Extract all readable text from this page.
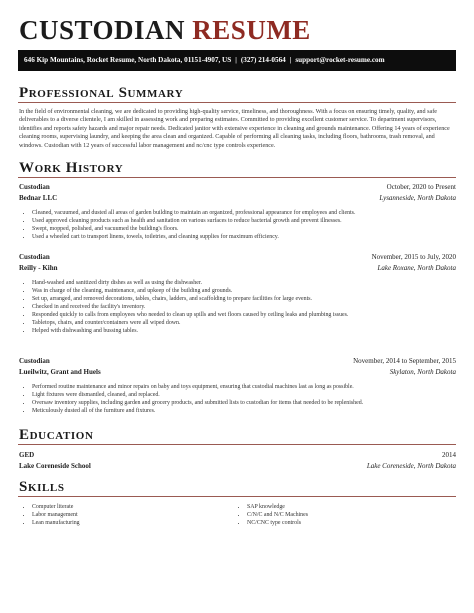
CUSTODIAN RESUME
646 Kip Mountains, Rocket Resume, North Dakota, 01151-4907, US | (327) 214-0564 | support@rocket-resume.com
Professional Summary
In the field of environmental cleaning, we are dedicated to providing high-quality service, timeliness, and thoroughness. With a focus on ensuring timely, quality, and safe deliverables to a diverse clientele, I am skilled in assessing work and preparing estimates. Committed to providing excellent customer service. To department supervisors, identifies and reports safety hazards and major repair needs. Dedicated janitor with extensive experience in cleaning and grounds maintenance. Offering 14 years of experience cleaning rooms, supervising laundry, and keeping the area clean and organized. Capable of performing all cleaning tasks, including floors, bathrooms, trash removal, and windows. Custodian with 12 years of successful labor management and nc/cnc type controls experience.
Work History
Custodian	October, 2020 to Present
Bednar LLC	Lysanneside, North Dakota
• Cleaned, vacuumed, and dusted all areas of garden building to maintain an organized, professional appearance for employees and clients.
• Used approved cleaning products such as health and sanitation on various surfaces to reduce bacterial growth and prevent illnesses.
• Swept, mopped, polished, and vacuumed the building's floors.
• Used a wheeled cart to transport linens, towels, toiletries, and cleaning supplies for maximum efficiency.
Custodian	November, 2015 to July, 2020
Reilly - Kihn	Lake Roxane, North Dakota
• Hand-washed and sanitized dirty dishes as well as using the dishwasher.
• Was in charge of the cleaning, maintenance, and upkeep of the building and grounds.
• Set up, arranged, and removed decorations, tables, chairs, ladders, and scaffolding to prepare facilities for large events.
• Checked in and received the facility's inventory.
• Responded quickly to calls from employees who needed to clean up spills and wet floors caused by ceiling leaks and plumbing issues.
• Tabletops, chairs, and counter/containers were all wiped down.
• Helped with dishwashing and bussing tables.
Custodian	November, 2014 to September, 2015
Lueilwitz, Grant and Huels	Skylaton, North Dakota
• Performed routine maintenance and minor repairs on baby and toys equipment, ensuring that custodial machines last as long as possible.
• Light fixtures were dismantled, cleaned, and replaced.
• Oversaw inventory supplies, including garden and grocery products, and submitted lists to custodian for items that needed to be replenished.
• Meticulously dusted all of the furniture and fixtures.
Education
GED	2014
Lake Coreneside School	Lake Coreneside, North Dakota
Skills
• Computer literate
• Labor management
• Lean manufacturing
• SAP knowledge
• C/N/C and N/C Machines
• NC/CNC type controls
